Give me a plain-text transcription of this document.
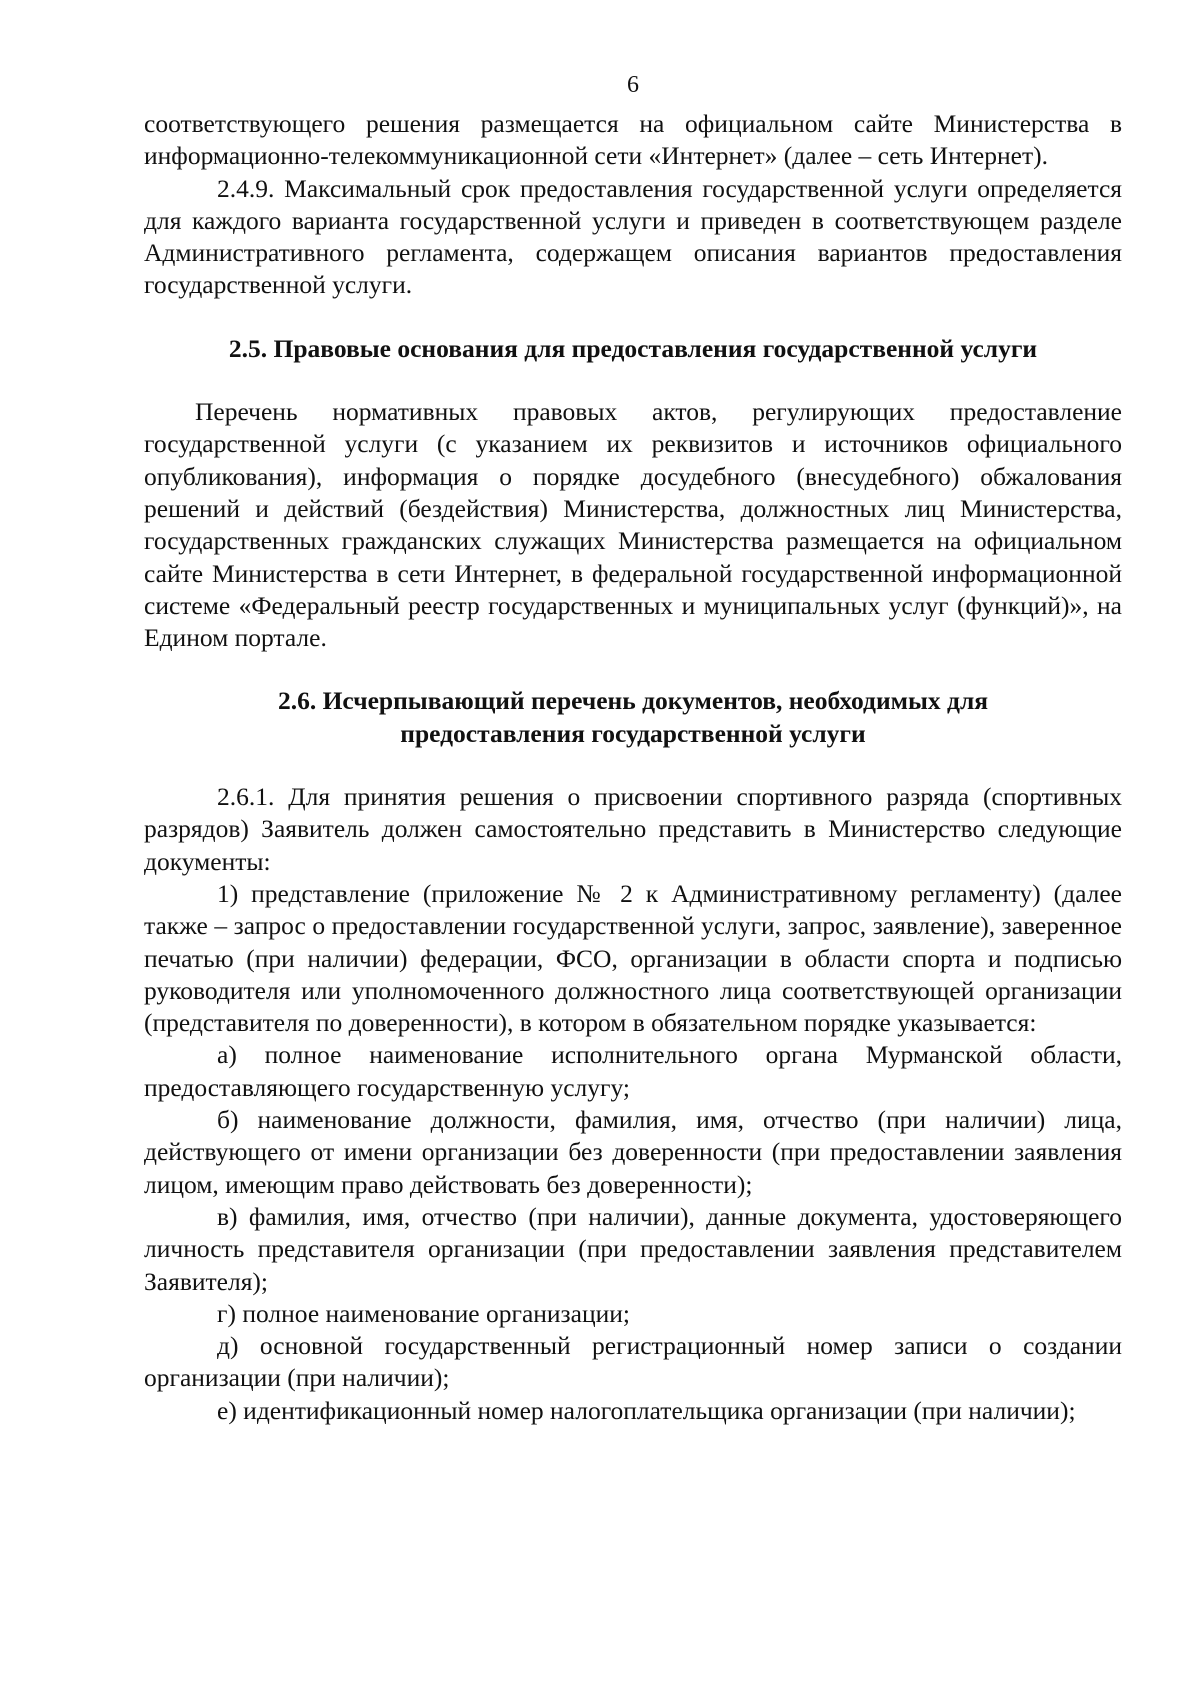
6

соответствующего решения размещается на официальном сайте Министерства в информационно-телекоммуникационной сети «Интернет» (далее – сеть Интернет).

2.4.9. Максимальный срок предоставления государственной услуги определяется для каждого варианта государственной услуги и приведен в соответствующем разделе Административного регламента, содержащем описания вариантов предоставления государственной услуги.

2.5. Правовые основания для предоставления государственной услуги

Перечень нормативных правовых актов, регулирующих предоставление государственной услуги (с указанием их реквизитов и источников официального опубликования), информация о порядке досудебного (внесудебного) обжалования решений и действий (бездействия) Министерства, должностных лиц Министерства, государственных гражданских служащих Министерства размещается на официальном сайте Министерства в сети Интернет, в федеральной государственной информационной системе «Федеральный реестр государственных и муниципальных услуг (функций)», на Едином портале.

2.6. Исчерпывающий перечень документов, необходимых для
предоставления государственной услуги

2.6.1. Для принятия решения о присвоении спортивного разряда (спортивных разрядов) Заявитель должен самостоятельно представить в Министерство следующие документы:

1) представление (приложение № 2 к Административному регламенту) (далее также – запрос о предоставлении государственной услуги, запрос, заявление), заверенное печатью (при наличии) федерации, ФСО, организации в области спорта и подписью руководителя или уполномоченного должностного лица соответствующей организации (представителя по доверенности), в котором в обязательном порядке указывается:

а) полное наименование исполнительного органа Мурманской области, предоставляющего государственную услугу;

б) наименование должности, фамилия, имя, отчество (при наличии) лица, действующего от имени организации без доверенности (при предоставлении заявления лицом, имеющим право действовать без доверенности);

в) фамилия, имя, отчество (при наличии), данные документа, удостоверяющего личность представителя организации (при предоставлении заявления представителем Заявителя);

г) полное наименование организации;

д) основной государственный регистрационный номер записи о создании организации (при наличии);

е) идентификационный номер налогоплательщика организации (при наличии);
